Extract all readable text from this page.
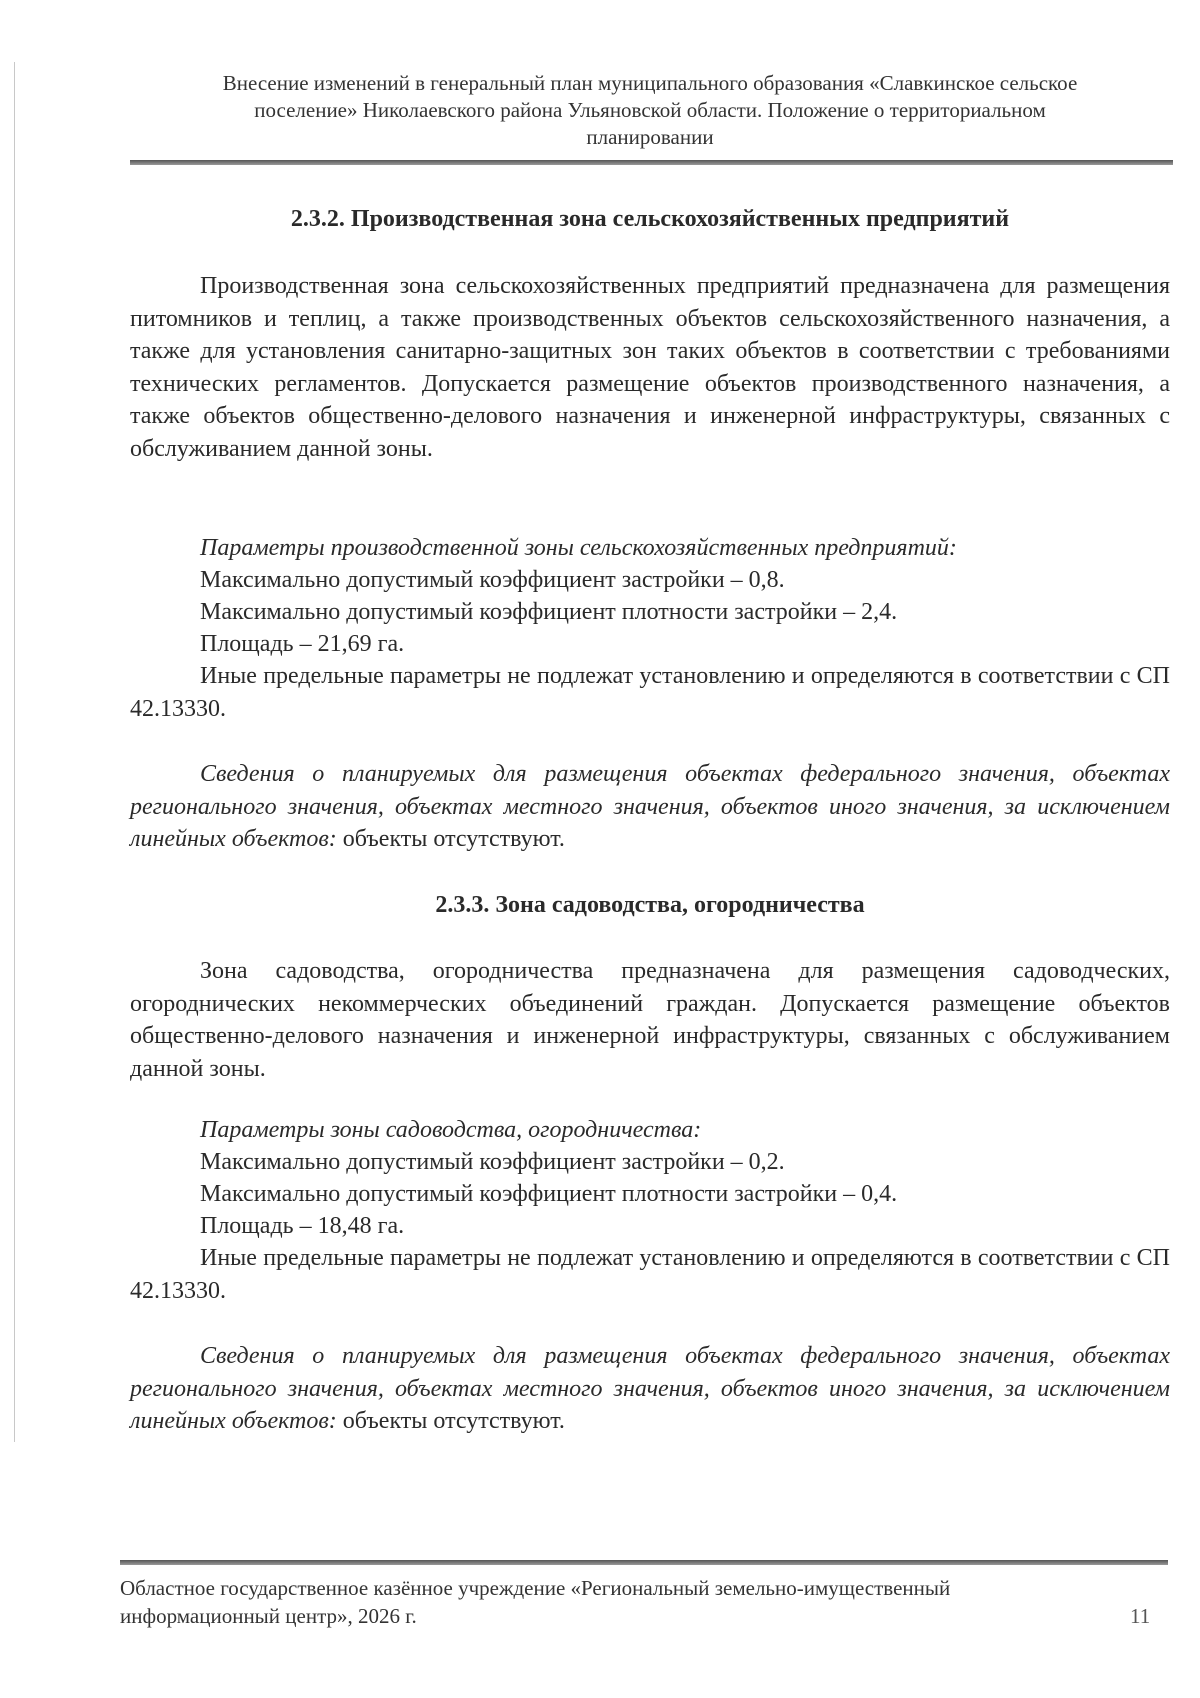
Внесение изменений в генеральный план муниципального образования «Славкинское сельское
поселение» Николаевского района Ульяновской области. Положение о территориальном
планировании
2.3.2. Производственная зона сельскохозяйственных предприятий

Производственная зона сельскохозяйственных предприятий предназначена для размещения питомников и теплиц, а также производственных объектов сельскохозяйственного назначения, а также для установления санитарно-защитных зон таких объектов в соответствии с требованиями технических регламентов. Допускается размещение объектов производственного назначения, а также объектов общественно-делового назначения и инженерной инфраструктуры, связанных с обслуживанием данной зоны.

Параметры производственной зоны сельскохозяйственных предприятий:
Максимально допустимый коэффициент застройки – 0,8.
Максимально допустимый коэффициент плотности застройки – 2,4.
Площадь – 21,69 га.

Иные предельные параметры не подлежат установлению и определяются в соответствии с СП 42.13330.

Сведения о планируемых для размещения объектах федерального значения, объектах регионального значения, объектах местного значения, объектов иного значения, за исключением линейных объектов: объекты отсутствуют.

2.3.3. Зона садоводства, огородничества

Зона садоводства, огородничества предназначена для размещения садоводческих, огороднических некоммерческих объединений граждан. Допускается размещение объектов общественно-делового назначения и инженерной инфраструктуры, связанных с обслуживанием данной зоны.

Параметры зоны садоводства, огородничества:
Максимально допустимый коэффициент застройки – 0,2.
Максимально допустимый коэффициент плотности застройки – 0,4.
Площадь – 18,48 га.

Иные предельные параметры не подлежат установлению и определяются в соответствии с СП 42.13330.

Сведения о планируемых для размещения объектах федерального значения, объектах регионального значения, объектах местного значения, объектов иного значения, за исключением линейных объектов: объекты отсутствуют.

Областное государственное казённое учреждение «Региональный земельно-имущественный
информационный центр», 2026 г.	11
